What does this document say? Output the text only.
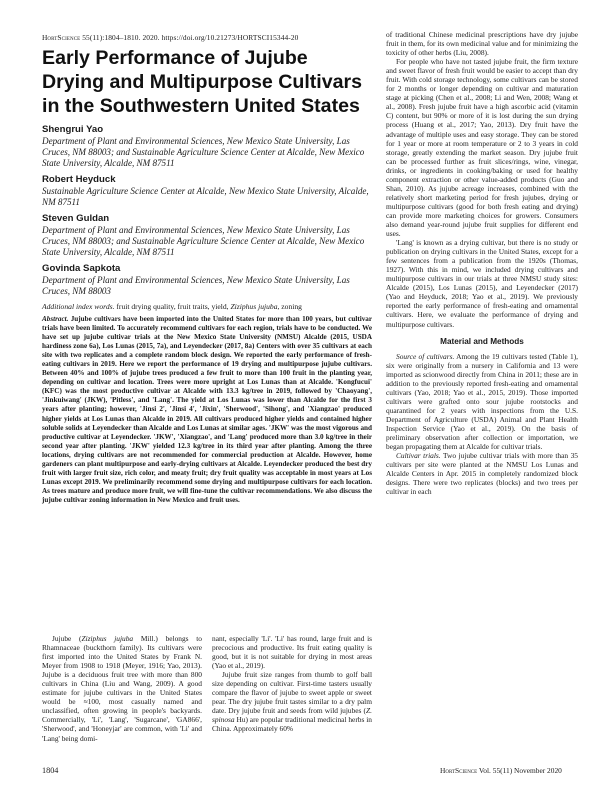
HortScience 55(11):1804–1810. 2020. https://doi.org/10.21273/HORTSCI15344-20
Early Performance of Jujube Drying and Multipurpose Cultivars in the Southwestern United States
Shengrui Yao
Department of Plant and Environmental Sciences, New Mexico State University, Las Cruces, NM 88003; and Sustainable Agriculture Science Center at Alcalde, New Mexico State University, Alcalde, NM 87511
Robert Heyduck
Sustainable Agriculture Science Center at Alcalde, New Mexico State University, Alcalde, NM 87511
Steven Guldan
Department of Plant and Environmental Sciences, New Mexico State University, Las Cruces, NM 88003; and Sustainable Agriculture Science Center at Alcalde, New Mexico State University, Alcalde, NM 87511
Govinda Sapkota
Department of Plant and Environmental Sciences, New Mexico State University, Las Cruces, NM 88003
Additional index words. fruit drying quality, fruit traits, yield, Ziziphus jujuba, zoning

Abstract. Jujube cultivars have been imported into the United States for more than 100 years, but cultivar trials have been limited. To accurately recommend cultivars for each region, trials have to be conducted. We have set up jujube cultivar trials at the New Mexico State University (NMSU) Alcalde (2015, USDA hardiness zone 6a), Los Lunas (2015, 7a), and Leyendecker (2017, 8a) Centers with over 35 cultivars at each site with two replicates and a complete random block design. We reported the early performance of fresh-eating cultivars in 2019. Here we report the performance of 19 drying and multipurpose jujube cultivars. Between 40% and 100% of jujube trees produced a few fruit to more than 100 fruit in the planting year, depending on cultivar and location. Trees were more upright at Los Lunas than at Alcalde. 'Kongfucui' (KFC) was the most productive cultivar at Alcalde with 13.3 kg/tree in 2019, followed by 'Chaoyang', 'Jinkuiwang' (JKW), 'Pitless', and 'Lang'. The yield at Los Lunas was lower than Alcalde for the first 3 years after planting; however, 'Jinsi 2', 'Jinsi 4', 'Jixin', 'Sherwood', 'Sihong', and 'Xiangzao' produced higher yields at Los Lunas than Alcalde in 2019. All cultivars produced higher yields and contained higher soluble solids at Leyendecker than Alcalde and Los Lunas at similar ages. 'JKW' was the most vigorous and productive cultivar at Leyendecker. 'JKW', 'Xiangzao', and 'Lang' produced more than 3.0 kg/tree in their second year after planting. 'JKW' yielded 12.3 kg/tree in its third year after planting. Among the three locations, drying cultivars are not recommended for commercial production at Alcalde. However, home gardeners can plant multipurpose and early-drying cultivars at Alcalde. Leyendecker produced the best dry fruit with larger fruit size, rich color, and meaty fruit; dry fruit quality was acceptable in most years at Los Lunas except 2019. We preliminarily recommend some drying and multipurpose cultivars for each location. As trees mature and produce more fruit, we will fine-tune the cultivar recommendations. We also discuss the jujube cultivar zoning information in New Mexico and fruit uses.

Jujube (Ziziphus jujuba Mill.) belongs to Rhamnaceae (buckthorn family). Its cultivars were first imported into the United States by Frank N. Meyer from 1908 to 1918 (Meyer, 1916; Yao, 2013). Jujube is a deciduous fruit tree with more than 800 cultivars in China (Liu and Wang, 2009). A good estimate for jujube cultivars in the United States would be ≈100, most casually named and unclassified, often growing in people's backyards. Commercially, 'Li', 'Lang', 'Sugarcane', 'GA866', 'Sherwood', and 'Honeyjar' are common, with 'Li' and 'Lang' being domi-

nant, especially 'Li'. 'Li' has round, large fruit and is precocious and productive. Its fruit eating quality is good, but it is not suitable for drying in most areas (Yao et al., 2019).

Jujube fruit size ranges from thumb to golf ball size depending on cultivar. First-time tasters usually compare the flavor of jujube to sweet apple or sweet pear. The dry jujube fruit tastes similar to a dry palm date. Dry jujube fruit and seeds from wild jujubes (Z. spinosa Hu) are popular traditional medicinal herbs in China. Approximately 60%

of traditional Chinese medicinal prescriptions have dry jujube fruit in them, for its own medicinal value and for minimizing the toxicity of other herbs (Liu, 2008).

For people who have not tasted jujube fruit, the firm texture and sweet flavor of fresh fruit would be easier to accept than dry fruit. With cold storage technology, some cultivars can be stored for 2 months or longer depending on cultivar and maturation stage at picking (Chen et al., 2008; Li and Wen, 2008; Wang et al., 2008). Fresh jujube fruit have a high ascorbic acid (vitamin C) content, but 90% or more of it is lost during the sun drying process (Huang et al., 2017; Yao, 2013). Dry fruit have the advantage of multiple uses and easy storage. They can be stored for 1 year or more at room temperature or 2 to 3 years in cold storage, greatly extending the market season. Dry jujube fruit can be processed further as fruit slices/rings, wine, vinegar, drinks, or ingredients in cooking/baking or used for healthy component extraction or other value-added products (Guo and Shan, 2010). As jujube acreage increases, combined with the relatively short marketing period for fresh jujubes, drying or multipurpose cultivars (good for both fresh eating and drying) can provide more marketing choices for growers. Consumers also demand year-round jujube fruit supplies for different end uses.

'Lang' is known as a drying cultivar, but there is no study or publication on drying cultivars in the United States, except for a few sentences from a publication from the 1920s (Thomas, 1927). With this in mind, we included drying cultivars and multipurpose cultivars in our trials at three NMSU study sites: Alcalde (2015), Los Lunas (2015), and Leyendecker (2017) (Yao and Heyduck, 2018; Yao et al., 2019). We previously reported the early performance of fresh-eating and ornamental cultivars. Here, we evaluate the performance of drying and multipurpose cultivars.

Material and Methods

Source of cultivars. Among the 19 cultivars tested (Table 1), six were originally from a nursery in California and 13 were imported as scionwood directly from China in 2011; these are in addition to the previously reported fresh-eating and ornamental cultivars (Yao, 2018; Yao et al., 2015, 2019). Those imported cultivars were grafted onto sour jujube rootstocks and quarantined for 2 years with inspections from the U.S. Department of Agriculture (USDA) Animal and Plant Health Inspection Service (Yao et al., 2019). On the basis of preliminary observation after collection or importation, we began propagating them at Alcalde for cultivar trials.

Cultivar trials. Two jujube cultivar trials with more than 35 cultivars per site were planted at the NMSU Los Lunas and Alcalde Centers in Apr. 2015 in completely randomized block designs. There were two replicates (blocks) and two trees per cultivar in each

1804	HortScience Vol. 55(11) November 2020
